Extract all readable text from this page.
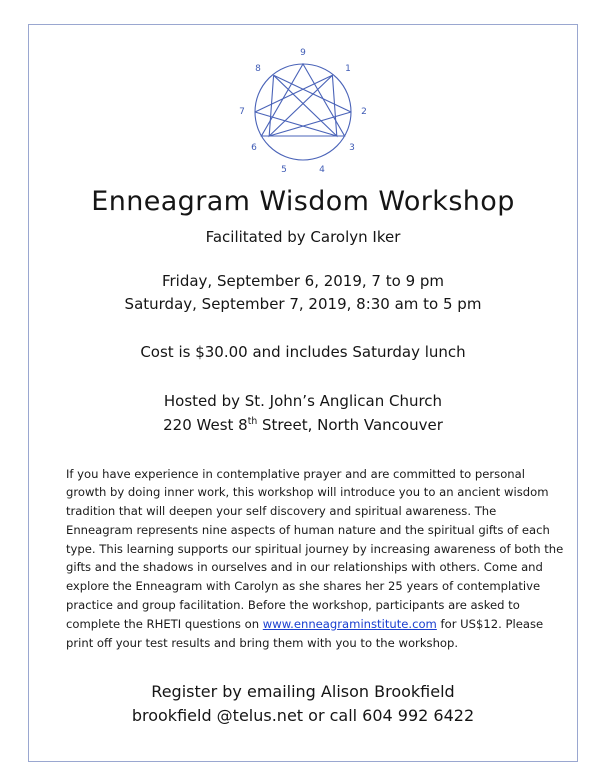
9
1
2
3
4
5
6
7
8
Enneagram Wisdom Workshop
Facilitated by Carolyn Iker
Friday, September 6, 2019, 7 to 9 pm
Saturday, September 7, 2019, 8:30 am to 5 pm
Cost is $30.00 and includes Saturday lunch
Hosted by St. John’s Anglican Church
220 West 8th Street, North Vancouver
If you have experience in contemplative prayer and are committed to personal growth by doing inner work, this workshop will introduce you to an ancient wisdom tradition that will deepen your self discovery and spiritual awareness. The Enneagram represents nine aspects of human nature and the spiritual gifts of each type. This learning supports our spiritual journey by increasing awareness of both the gifts and the shadows in ourselves and in our relationships with others. Come and explore the Enneagram with Carolyn as she shares her 25 years of contemplative practice and group facilitation. Before the workshop, participants are asked to complete the RHETI questions on www.enneagraminstitute.com for US$12. Please print off your test results and bring them with you to the workshop.
Register by emailing Alison Brookfield
brookfield @telus.net or call 604 992 6422
